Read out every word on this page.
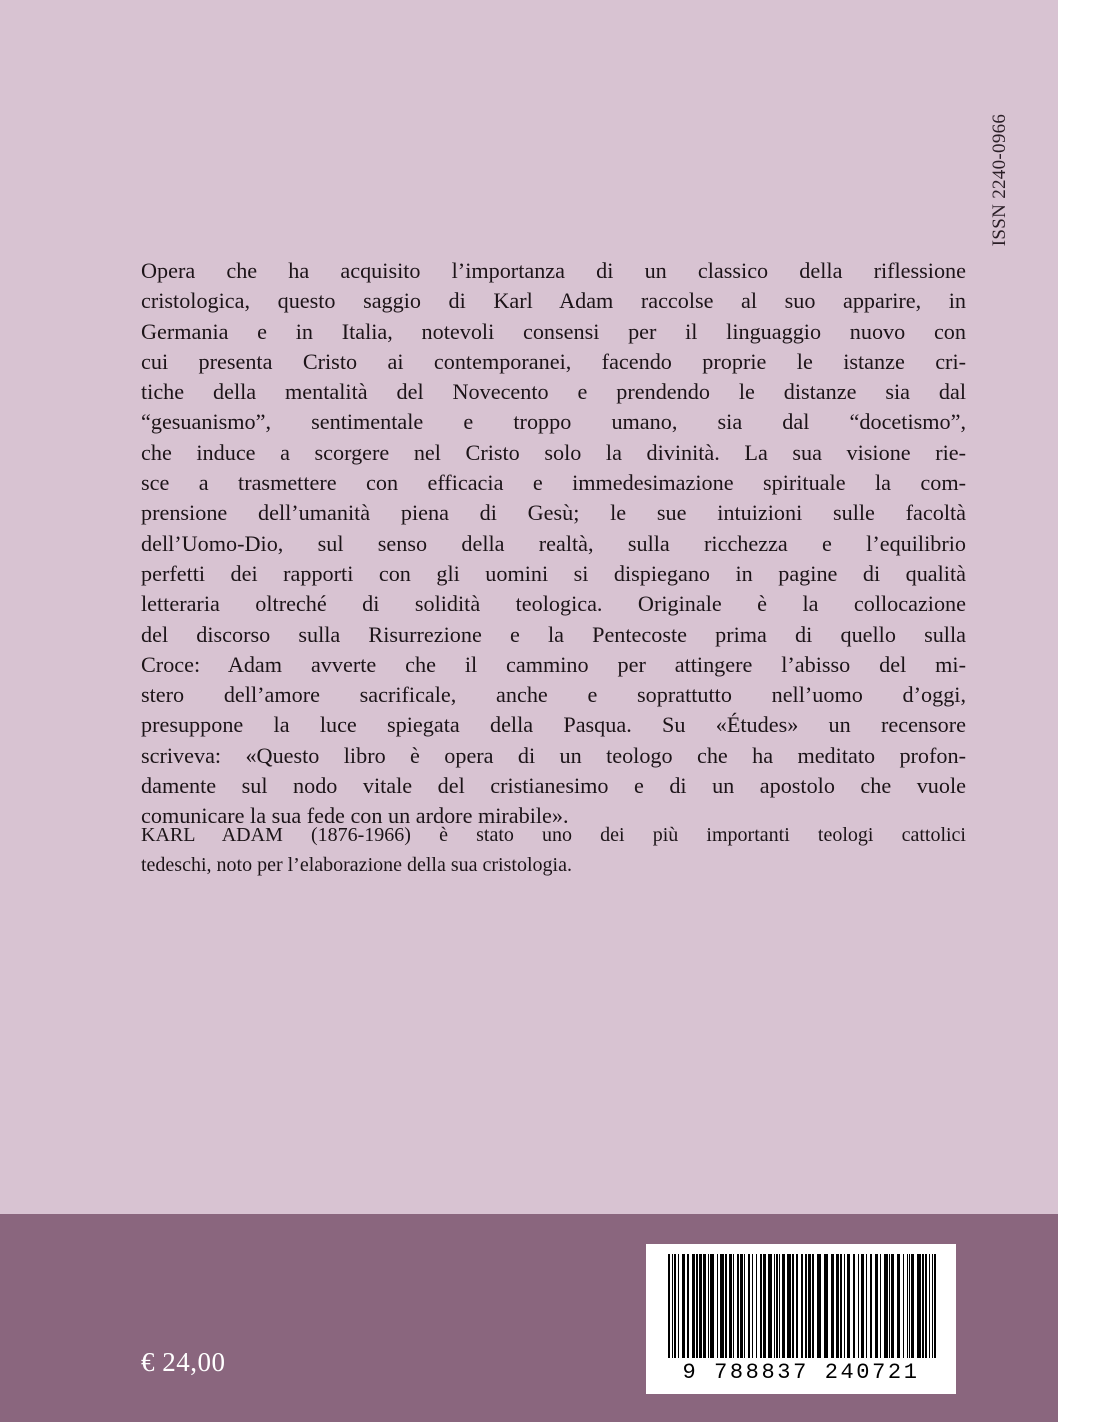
ISSN 2240-0966
Opera che ha acquisito l’importanza di un classico della riflessione
cristologica, questo saggio di Karl Adam raccolse al suo apparire, in
Germania e in Italia, notevoli consensi per il linguaggio nuovo con
cui presenta Cristo ai contemporanei, facendo proprie le istanze cri-
tiche della mentalità del Novecento e prendendo le distanze sia dal
“gesuanismo”, sentimentale e troppo umano, sia dal “docetismo”,
che induce a scorgere nel Cristo solo la divinità. La sua visione rie-
sce a trasmettere con efficacia e immedesimazione spirituale la com-
prensione dell’umanità piena di Gesù; le sue intuizioni sulle facoltà
dell’Uomo-Dio, sul senso della realtà, sulla ricchezza e l’equilibrio
perfetti dei rapporti con gli uomini si dispiegano in pagine di qualità
letteraria oltreché di solidità teologica. Originale è la collocazione
del discorso sulla Risurrezione e la Pentecoste prima di quello sulla
Croce: Adam avverte che il cammino per attingere l’abisso del mi-
stero dell’amore sacrificale, anche e soprattutto nell’uomo d’oggi,
presuppone la luce spiegata della Pasqua. Su «Études» un recensore
scriveva: «Questo libro è opera di un teologo che ha meditato profon-
damente sul nodo vitale del cristianesimo e di un apostolo che vuole
comunicare la sua fede con un ardore mirabile».
KARL ADAM (1876-1966) è stato uno dei più importanti teologi cattolici
tedeschi, noto per l’elaborazione della sua cristologia.
€ 24,00	9 788837 240721
